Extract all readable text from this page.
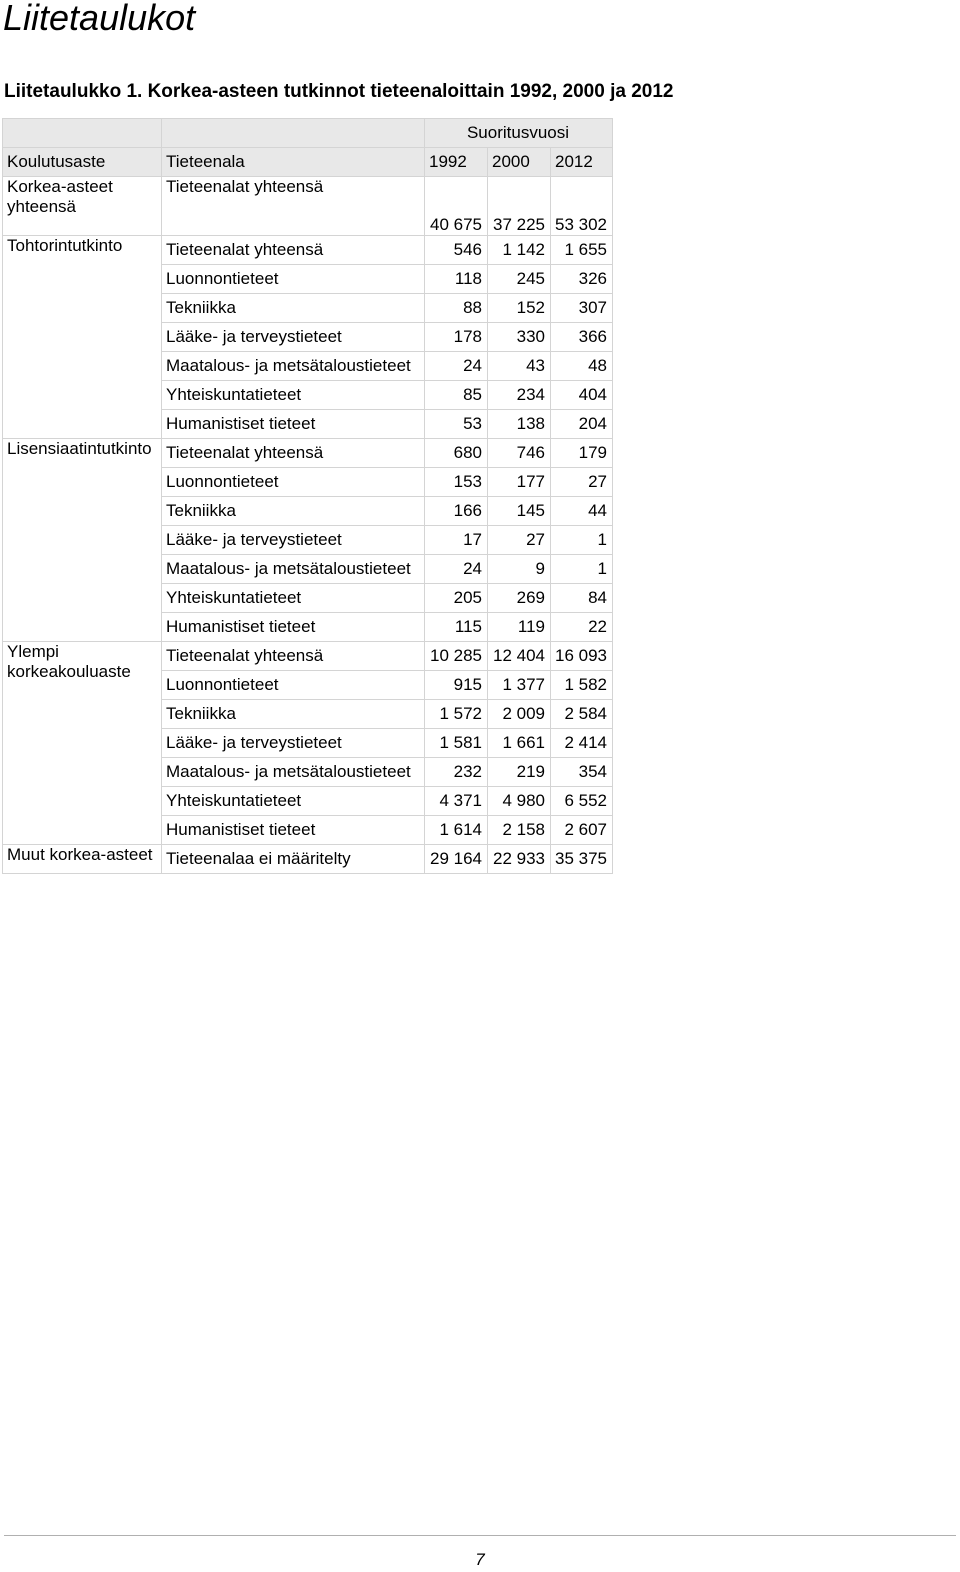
Liitetaulukot
Liitetaulukko 1. Korkea-asteen tutkinnot tieteenaloittain 1992, 2000 ja 2012
		Suoritusvuosi		
Koulutusaste	Tieteenala	1992	2000	2012
Korkea-asteet yhteensä	Tieteenalat yhteensä	40 675	37 225	53 302
Tohtorintutkinto	Tieteenalat yhteensä	546	1 142	1 655
	Luonnontieteet	118	245	326
	Tekniikka	88	152	307
	Lääke- ja terveystieteet	178	330	366
	Maatalous- ja metsätaloustieteet	24	43	48
	Yhteiskuntatieteet	85	234	404
	Humanistiset tieteet	53	138	204
Lisensiaatintutkinto	Tieteenalat yhteensä	680	746	179
	Luonnontieteet	153	177	27
	Tekniikka	166	145	44
	Lääke- ja terveystieteet	17	27	1
	Maatalous- ja metsätaloustieteet	24	9	1
	Yhteiskuntatieteet	205	269	84
	Humanistiset tieteet	115	119	22
Ylempi korkeakouluaste	Tieteenalat yhteensä	10 285	12 404	16 093
	Luonnontieteet	915	1 377	1 582
	Tekniikka	1 572	2 009	2 584
	Lääke- ja terveystieteet	1 581	1 661	2 414
	Maatalous- ja metsätaloustieteet	232	219	354
	Yhteiskuntatieteet	4 371	4 980	6 552
	Humanistiset tieteet	1 614	2 158	2 607
Muut korkea-asteet	Tieteenalaa ei määritelty	29 164	22 933	35 375
7
